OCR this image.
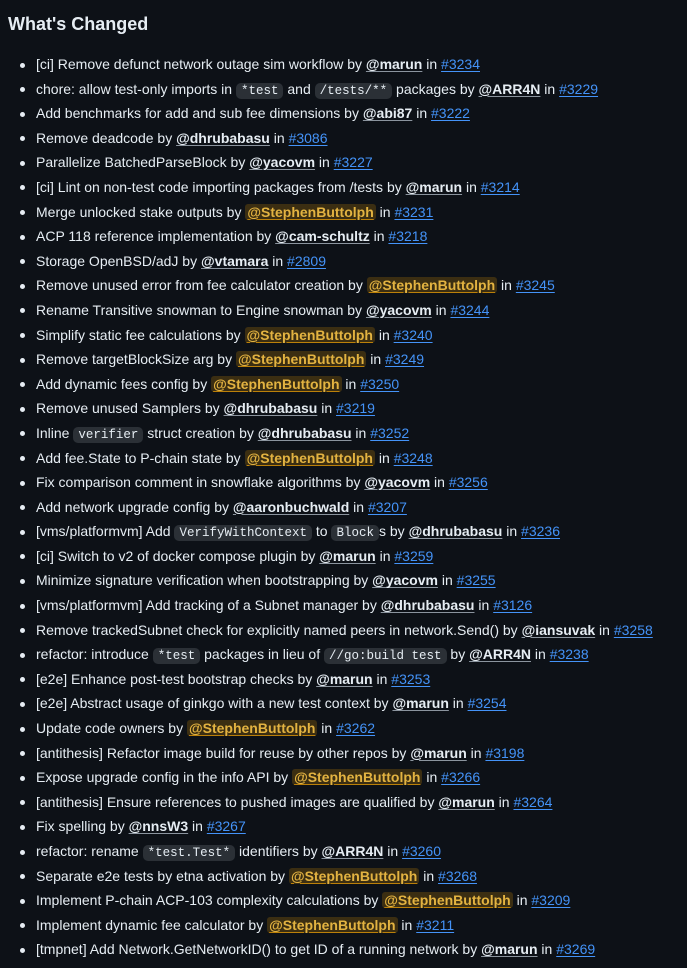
What's Changed
[ci] Remove defunct network outage sim workflow by @marun in #3234
chore: allow test-only imports in *test and /tests/** packages by @ARR4N in #3229
Add benchmarks for add and sub fee dimensions by @abi87 in #3222
Remove deadcode by @dhrubabasu in #3086
Parallelize BatchedParseBlock by @yacovm in #3227
[ci] Lint on non-test code importing packages from /tests by @marun in #3214
Merge unlocked stake outputs by @StephenButtolph in #3231
ACP 118 reference implementation by @cam-schultz in #3218
Storage OpenBSD/adJ by @vtamara in #2809
Remove unused error from fee calculator creation by @StephenButtolph in #3245
Rename Transitive snowman to Engine snowman by @yacovm in #3244
Simplify static fee calculations by @StephenButtolph in #3240
Remove targetBlockSize arg by @StephenButtolph in #3249
Add dynamic fees config by @StephenButtolph in #3250
Remove unused Samplers by @dhrubabasu in #3219
Inline verifier struct creation by @dhrubabasu in #3252
Add fee.State to P-chain state by @StephenButtolph in #3248
Fix comparison comment in snowflake algorithms by @yacovm in #3256
Add network upgrade config by @aaronbuchwald in #3207
[vms/platformvm] Add VerifyWithContext to Block s by @dhrubabasu in #3236
[ci] Switch to v2 of docker compose plugin by @marun in #3259
Minimize signature verification when bootstrapping by @yacovm in #3255
[vms/platformvm] Add tracking of a Subnet manager by @dhrubabasu in #3126
Remove trackedSubnet check for explicitly named peers in network.Send() by @iansuvak in #3258
refactor: introduce *test packages in lieu of //go:build test by @ARR4N in #3238
[e2e] Enhance post-test bootstrap checks by @marun in #3253
[e2e] Abstract usage of ginkgo with a new test context by @marun in #3254
Update code owners by @StephenButtolph in #3262
[antithesis] Refactor image build for reuse by other repos by @marun in #3198
Expose upgrade config in the info API by @StephenButtolph in #3266
[antithesis] Ensure references to pushed images are qualified by @marun in #3264
Fix spelling by @nnsW3 in #3267
refactor: rename *test.Test* identifiers by @ARR4N in #3260
Separate e2e tests by etna activation by @StephenButtolph in #3268
Implement P-chain ACP-103 complexity calculations by @StephenButtolph in #3209
Implement dynamic fee calculator by @StephenButtolph in #3211
[tmpnet] Add Network.GetNetworkID() to get ID of a running network by @marun in #3269
